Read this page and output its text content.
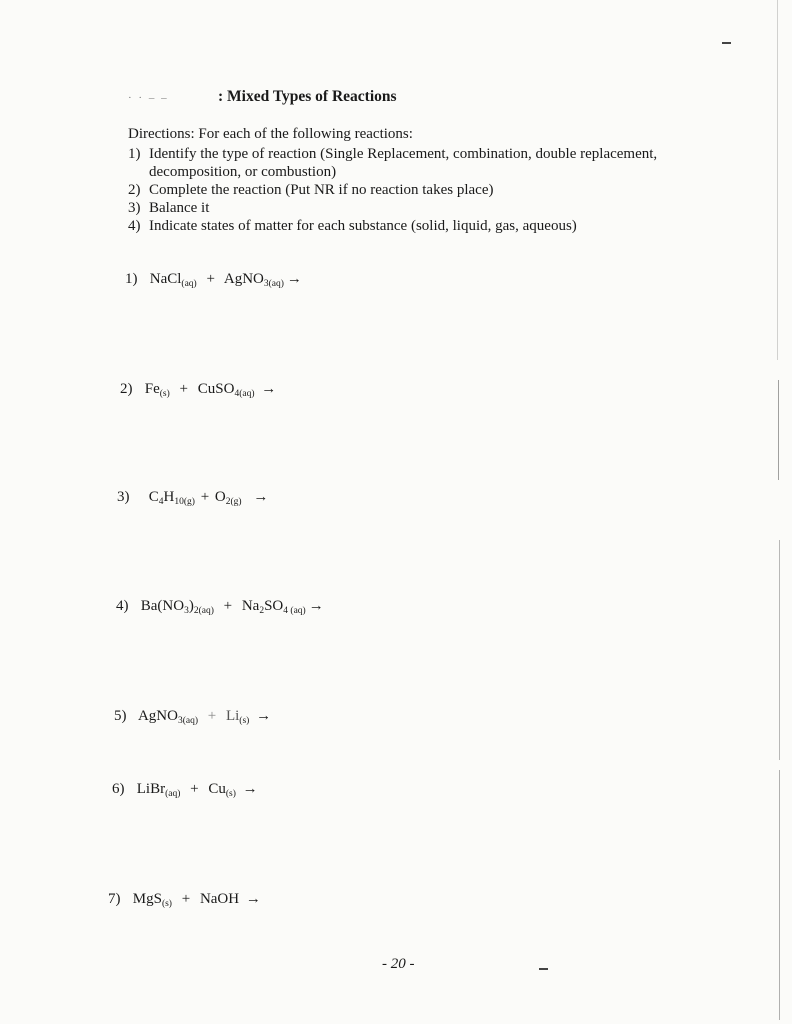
· · – –	: Mixed Types of Reactions
Directions: For each of the following reactions:
1) Identify the type of reaction (Single Replacement, combination, double replacement, decomposition, or combustion)
2) Complete the reaction (Put NR if no reaction takes place)
3) Balance it
4) Indicate states of matter for each substance (solid, liquid, gas, aqueous)
1) NaCl$_{(aq)}$ + AgNO$_{3(aq)}$ →
2) $Fe_{(s)}$ + CuSO$_{4(aq)}$ →
3) $C_4H_{10(g)} + O_{2(g)}$ →
4) $Ba(NO_3)_{2(aq)} + Na_2SO_4$ $_{(aq)}$ →
5) AgNO$_{3(aq)}$ + $Li_{(s)}$ →
6) LiBr$_{(aq)}$ + $Cu_{(s)}$ →
7) MgS$_{(s)}$ + NaOH →
- 20 -
